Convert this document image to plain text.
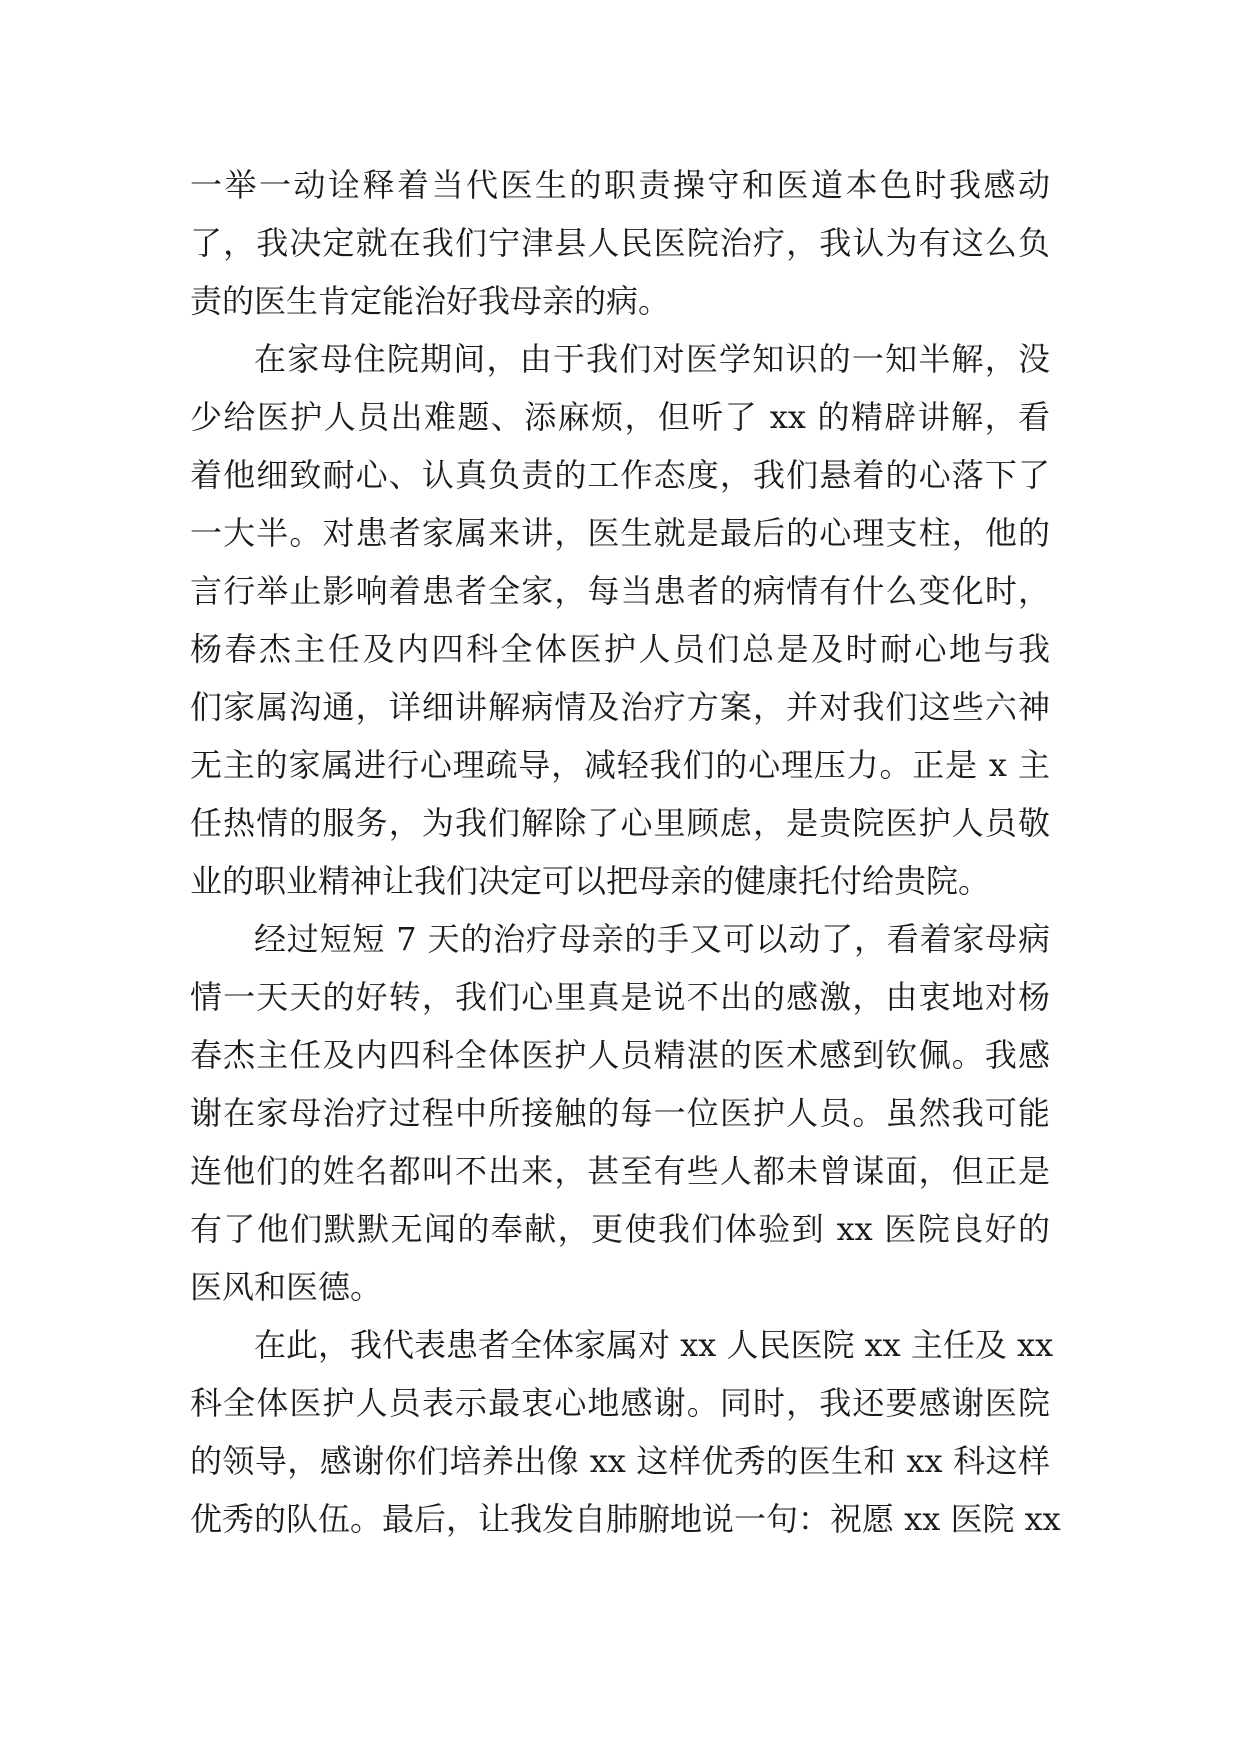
一举一动诠释着当代医生的职责操守和医道本色时我感动
了，我决定就在我们宁津县人民医院治疗，我认为有这么负
责的医生肯定能治好我母亲的病。
在家母住院期间，由于我们对医学知识的一知半解，没
少给医护人员出难题、添麻烦，但听了 xx 的精辟讲解，看
着他细致耐心、认真负责的工作态度，我们悬着的心落下了
一大半。对患者家属来讲，医生就是最后的心理支柱，他的
言行举止影响着患者全家，每当患者的病情有什么变化时，
杨春杰主任及内四科全体医护人员们总是及时耐心地与我
们家属沟通，详细讲解病情及治疗方案，并对我们这些六神
无主的家属进行心理疏导，减轻我们的心理压力。正是 x 主
任热情的服务，为我们解除了心里顾虑，是贵院医护人员敬
业的职业精神让我们决定可以把母亲的健康托付给贵院。
经过短短 7 天的治疗母亲的手又可以动了，看着家母病
情一天天的好转，我们心里真是说不出的感激，由衷地对杨
春杰主任及内四科全体医护人员精湛的医术感到钦佩。我感
谢在家母治疗过程中所接触的每一位医护人员。虽然我可能
连他们的姓名都叫不出来，甚至有些人都未曾谋面，但正是
有了他们默默无闻的奉献，更使我们体验到 xx 医院良好的
医风和医德。
在此，我代表患者全体家属对 xx 人民医院 xx 主任及 xx
科全体医护人员表示最衷心地感谢。同时，我还要感谢医院
的领导，感谢你们培养出像 xx 这样优秀的医生和 xx 科这样
优秀的队伍。最后，让我发自肺腑地说一句：祝愿 xx 医院 xx
